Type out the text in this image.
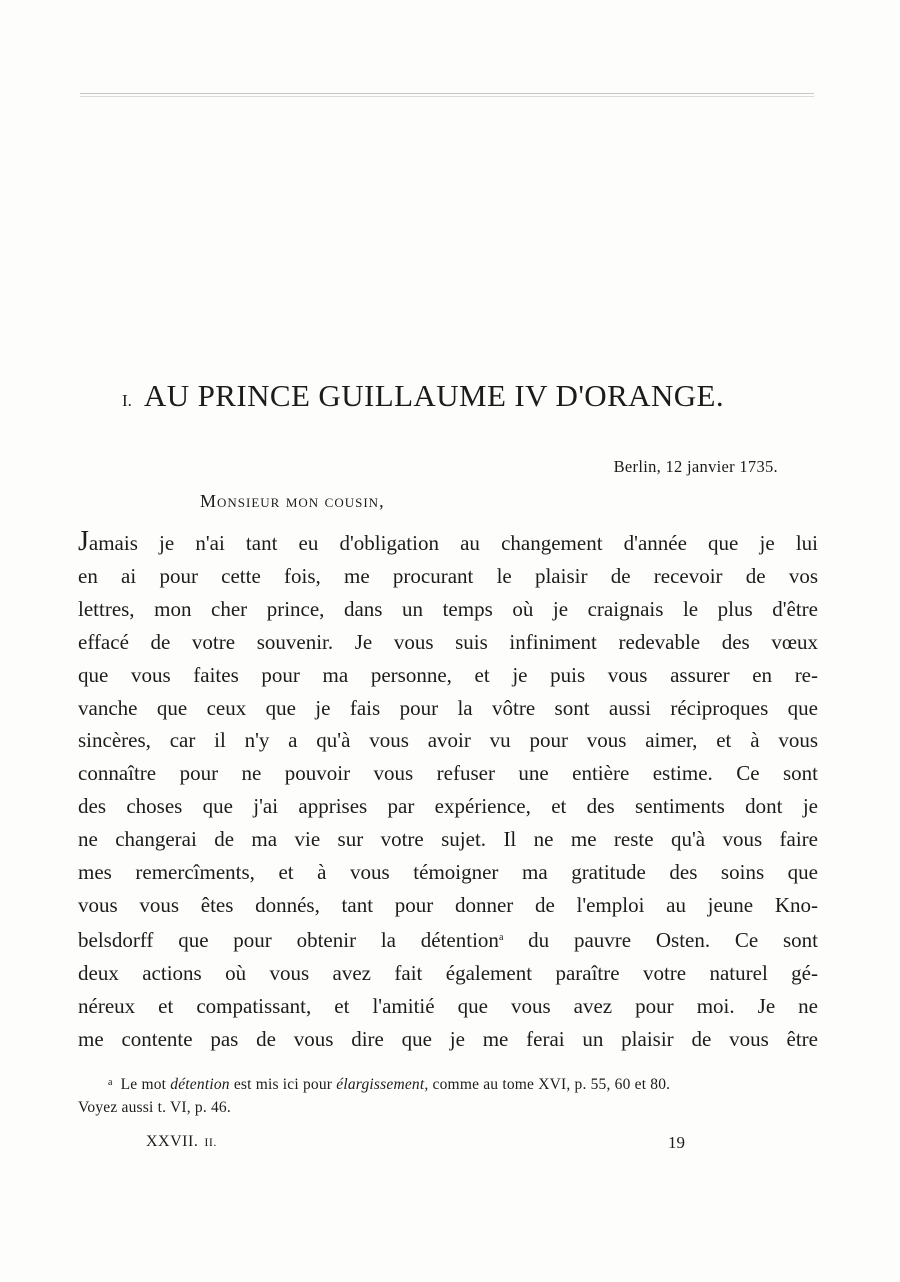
I. AU PRINCE GUILLAUME IV D'ORANGE.
Berlin, 12 janvier 1735.
Monsieur mon cousin,
Jamais je n'ai tant eu d'obligation au changement d'année que je lui
en ai pour cette fois, me procurant le plaisir de recevoir de vos
lettres, mon cher prince, dans un temps où je craignais le plus d'être
effacé de votre souvenir. Je vous suis infiniment redevable des vœux
que vous faites pour ma personne, et je puis vous assurer en re-
vanche que ceux que je fais pour la vôtre sont aussi réciproques que
sincères, car il n'y a qu'à vous avoir vu pour vous aimer, et à vous
connaître pour ne pouvoir vous refuser une entière estime. Ce sont
des choses que j'ai apprises par expérience, et des sentiments dont je
ne changerai de ma vie sur votre sujet. Il ne me reste qu'à vous faire
mes remercîments, et à vous témoigner ma gratitude des soins que
vous vous êtes donnés, tant pour donner de l'emploi au jeune Kno-
belsdorff que pour obtenir la détention$^a$ du pauvre Osten. Ce sont
deux actions où vous avez fait également paraître votre naturel gé-
néreux et compatissant, et l'amitié que vous avez pour moi. Je ne
me contente pas de vous dire que je me ferai un plaisir de vous être
$^a$ Le mot détention est mis ici pour élargissement, comme au tome XVI, p. 55, 60 et 80.
Voyez aussi t. VI, p. 46.
XXVII. II.	19
